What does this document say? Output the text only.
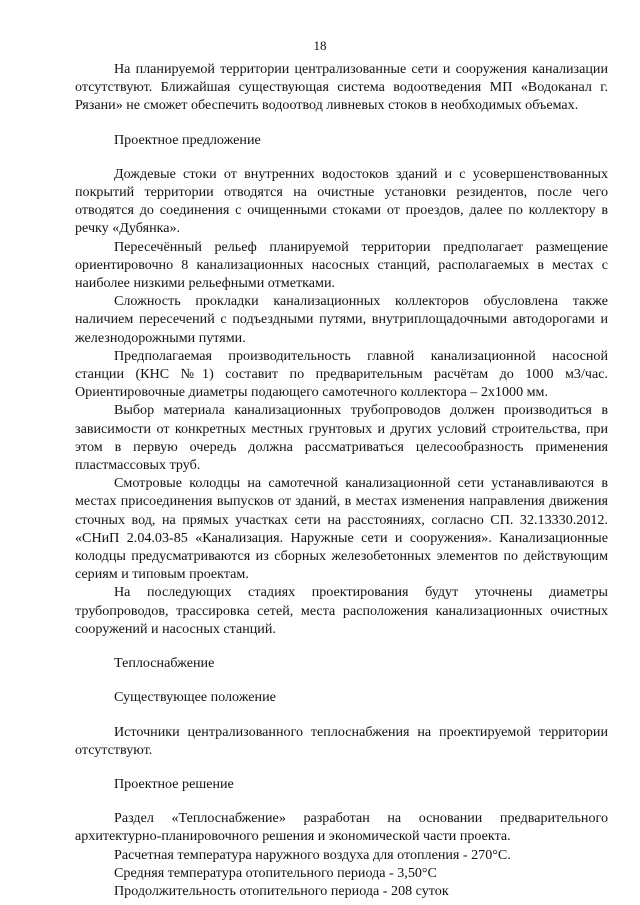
18

На планируемой территории централизованные сети и сооружения канализации отсутствуют. Ближайшая существующая система водоотведения МП «Водоканал г. Рязани» не сможет обеспечить водоотвод ливневых стоков в необходимых объемах.

Проектное предложение

Дождевые стоки от внутренних водостоков зданий и с усовершенствованных покрытий территории отводятся на очистные установки резидентов, после чего отводятся до соединения с очищенными стоками от проездов, далее по коллектору в речку «Дубянка».

Пересечённый рельеф планируемой территории предполагает размещение ориентировочно 8 канализационных насосных станций, располагаемых в местах с наиболее низкими рельефными отметками.

Сложность прокладки канализационных коллекторов обусловлена также наличием пересечений с подъездными путями, внутриплощадочными автодорогами и железнодорожными путями.

Предполагаемая производительность главной канализационной насосной станции (КНС №1) составит по предварительным расчётам до 1000 м3/час. Ориентировочные диаметры подающего самотечного коллектора – 2х1000 мм.

Выбор материала канализационных трубопроводов должен производиться в зависимости от конкретных местных грунтовых и других условий строительства, при этом в первую очередь должна рассматриваться целесообразность применения пластмассовых труб.

Смотровые колодцы на самотечной канализационной сети устанавливаются в местах присоединения выпусков от зданий, в местах изменения направления движения сточных вод, на прямых участках сети на расстояниях, согласно СП. 32.13330.2012. «СНиП 2.04.03-85 «Канализация. Наружные сети и сооружения». Канализационные колодцы предусматриваются из сборных железобетонных элементов по действующим сериям и типовым проектам.

На последующих стадиях проектирования будут уточнены диаметры трубопроводов, трассировка сетей, места расположения канализационных очистных сооружений и насосных станций.

Теплоснабжение

Существующее положение

Источники централизованного теплоснабжения на проектируемой территории отсутствуют.

Проектное решение

Раздел «Теплоснабжение» разработан на основании предварительного архитектурно-планировочного решения и экономической части проекта.

Расчетная температура наружного воздуха для отопления - 270°С.

Средняя температура отопительного периода - 3,50°С

Продолжительность отопительного периода - 208 суток
